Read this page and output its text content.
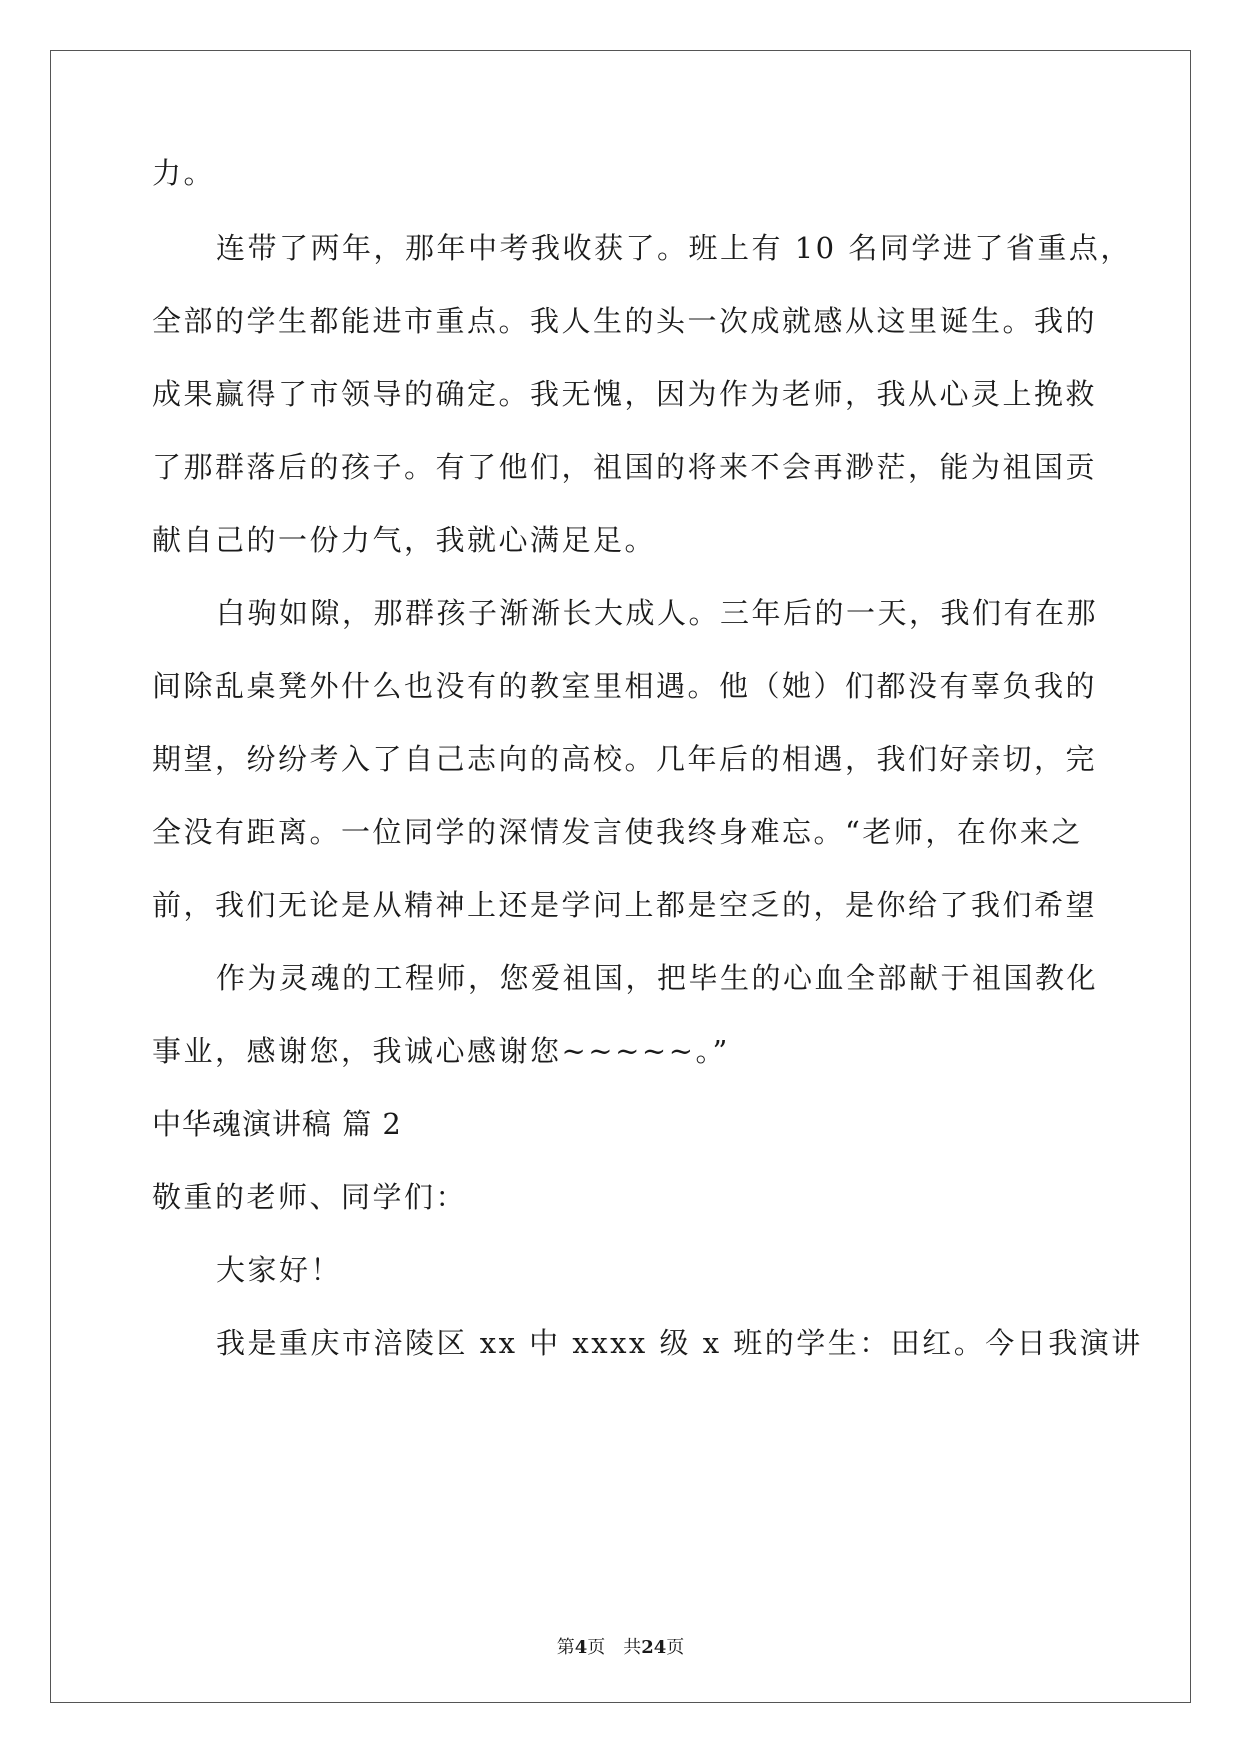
力。
连带了两年，那年中考我收获了。班上有 10 名同学进了省重点，
全部的学生都能进市重点。我人生的头一次成就感从这里诞生。我的
成果赢得了市领导的确定。我无愧，因为作为老师，我从心灵上挽救
了那群落后的孩子。有了他们，祖国的将来不会再渺茫，能为祖国贡
献自己的一份力气，我就心满足足。
白驹如隙，那群孩子渐渐长大成人。三年后的一天，我们有在那
间除乱桌凳外什么也没有的教室里相遇。他（她）们都没有辜负我的
期望，纷纷考入了自己志向的高校。几年后的相遇，我们好亲切，完
全没有距离。一位同学的深情发言使我终身难忘。“老师，在你来之
前，我们无论是从精神上还是学问上都是空乏的，是你给了我们希望
作为灵魂的工程师，您爱祖国，把毕生的心血全部献于祖国教化
事业，感谢您，我诚心感谢您~~~~~。”
中华魂演讲稿 篇 2
敬重的老师、同学们：
大家好！
我是重庆市涪陵区 xx 中 xxxx 级 x 班的学生：田红。今日我演讲
第4页 共24页
